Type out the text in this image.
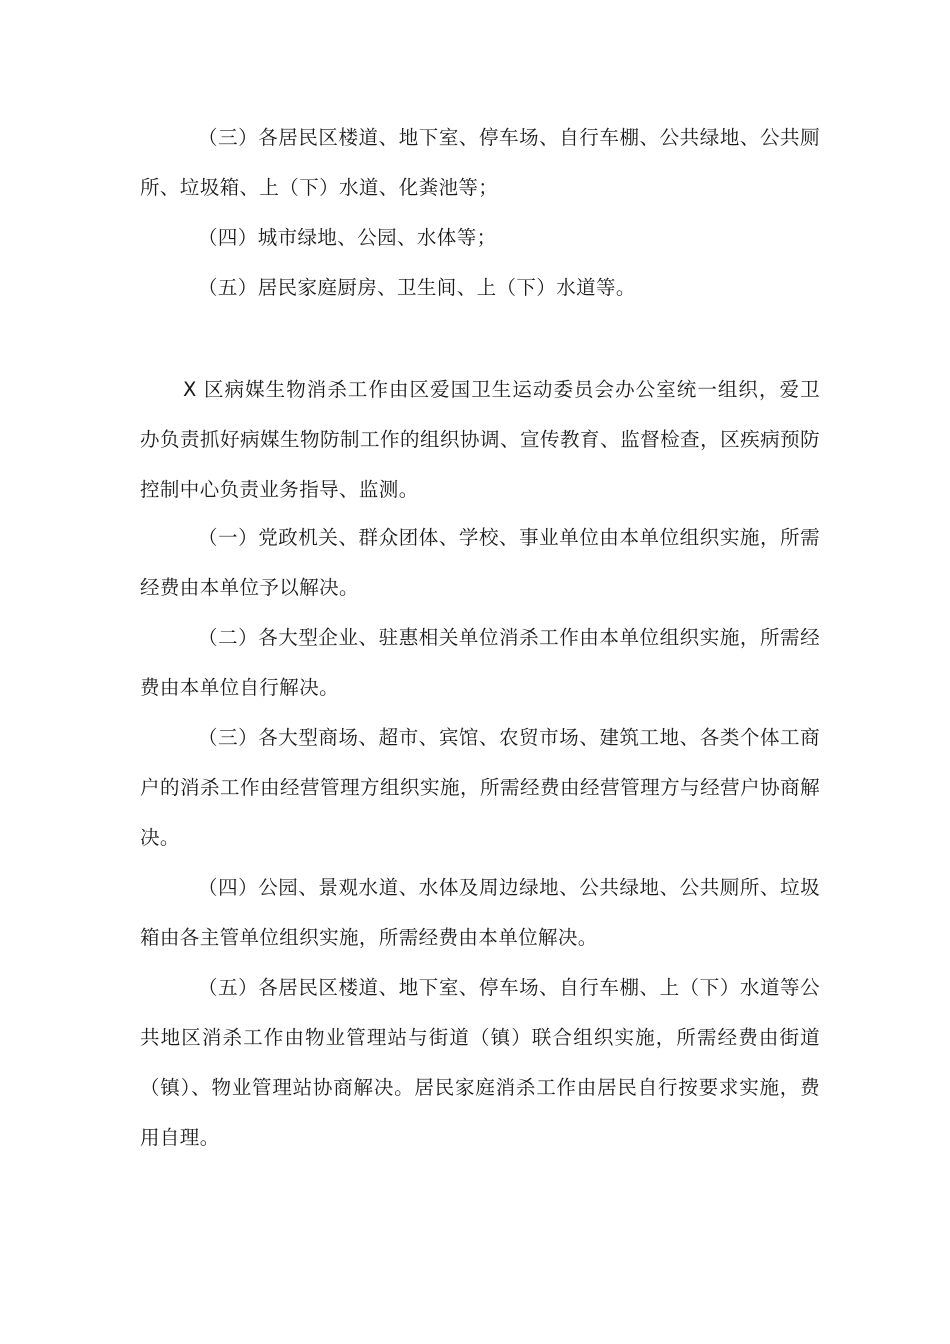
（三）各居民区楼道、地下室、停车场、自行车棚、公共绿地、公共厕所、垃圾箱、上（下）水道、化粪池等；

（四）城市绿地、公园、水体等；

（五）居民家庭厨房、卫生间、上（下）水道等。

X 区病媒生物消杀工作由区爱国卫生运动委员会办公室统一组织，爱卫办负责抓好病媒生物防制工作的组织协调、宣传教育、监督检查，区疾病预防控制中心负责业务指导、监测。

（一）党政机关、群众团体、学校、事业单位由本单位组织实施，所需经费由本单位予以解决。

（二）各大型企业、驻惠相关单位消杀工作由本单位组织实施，所需经费由本单位自行解决。

（三）各大型商场、超市、宾馆、农贸市场、建筑工地、各类个体工商户的消杀工作由经营管理方组织实施，所需经费由经营管理方与经营户协商解决。

（四）公园、景观水道、水体及周边绿地、公共绿地、公共厕所、垃圾箱由各主管单位组织实施，所需经费由本单位解决。

（五）各居民区楼道、地下室、停车场、自行车棚、上（下）水道等公共地区消杀工作由物业管理站与街道（镇）联合组织实施，所需经费由街道（镇）、物业管理站协商解决。居民家庭消杀工作由居民自行按要求实施，费用自理。
